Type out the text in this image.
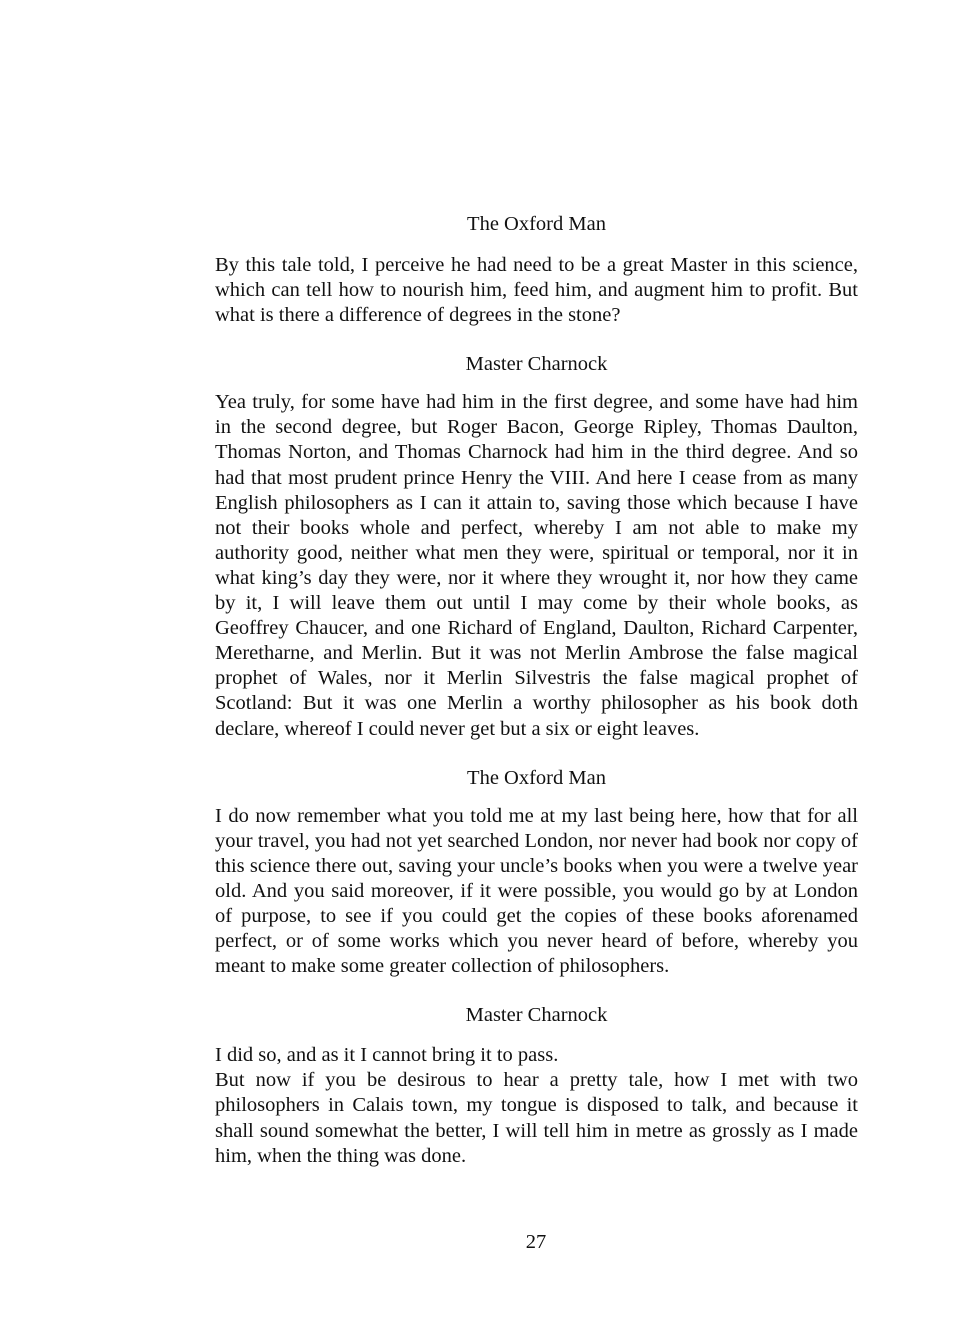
The Oxford Man

By this tale told, I perceive he had need to be a great Master in this science, which can tell how to nourish him, feed him, and augment him to profit. But what is there a difference of degrees in the stone?

Master Charnock

Yea truly, for some have had him in the first degree, and some have had him in the second degree, but Roger Bacon, George Ripley, Thomas Daulton, Thomas Norton, and Thomas Charnock had him in the third degree. And so had that most prudent prince Henry the VIII. And here I cease from as many English philosophers as I can it attain to, saving those which because I have not their books whole and perfect, whereby I am not able to make my authority good, neither what men they were, spiritual or temporal, nor it in what king’s day they were, nor it where they wrought it, nor how they came by it, I will leave them out until I may come by their whole books, as Geoffrey Chaucer, and one Richard of England, Daulton, Richard Carpenter, Meretharne, and Merlin. But it was not Merlin Ambrose the false magical prophet of Wales, nor it Merlin Silvestris the false magical prophet of Scotland: But it was one Merlin a worthy philosopher as his book doth declare, whereof I could never get but a six or eight leaves.

The Oxford Man

I do now remember what you told me at my last being here, how that for all your travel, you had not yet searched London, nor never had book nor copy of this science there out, saving your uncle’s books when you were a twelve year old. And you said moreover, if it were possible, you would go by at London of purpose, to see if you could get the copies of these books aforenamed perfect, or of some works which you never heard of before, whereby you meant to make some greater collection of philosophers.

Master Charnock

I did so, and as it I cannot bring it to pass.

But now if you be desirous to hear a pretty tale, how I met with two philosophers in Calais town, my tongue is disposed to talk, and because it shall sound somewhat the better, I will tell him in metre as grossly as I made him, when the thing was done.

27
